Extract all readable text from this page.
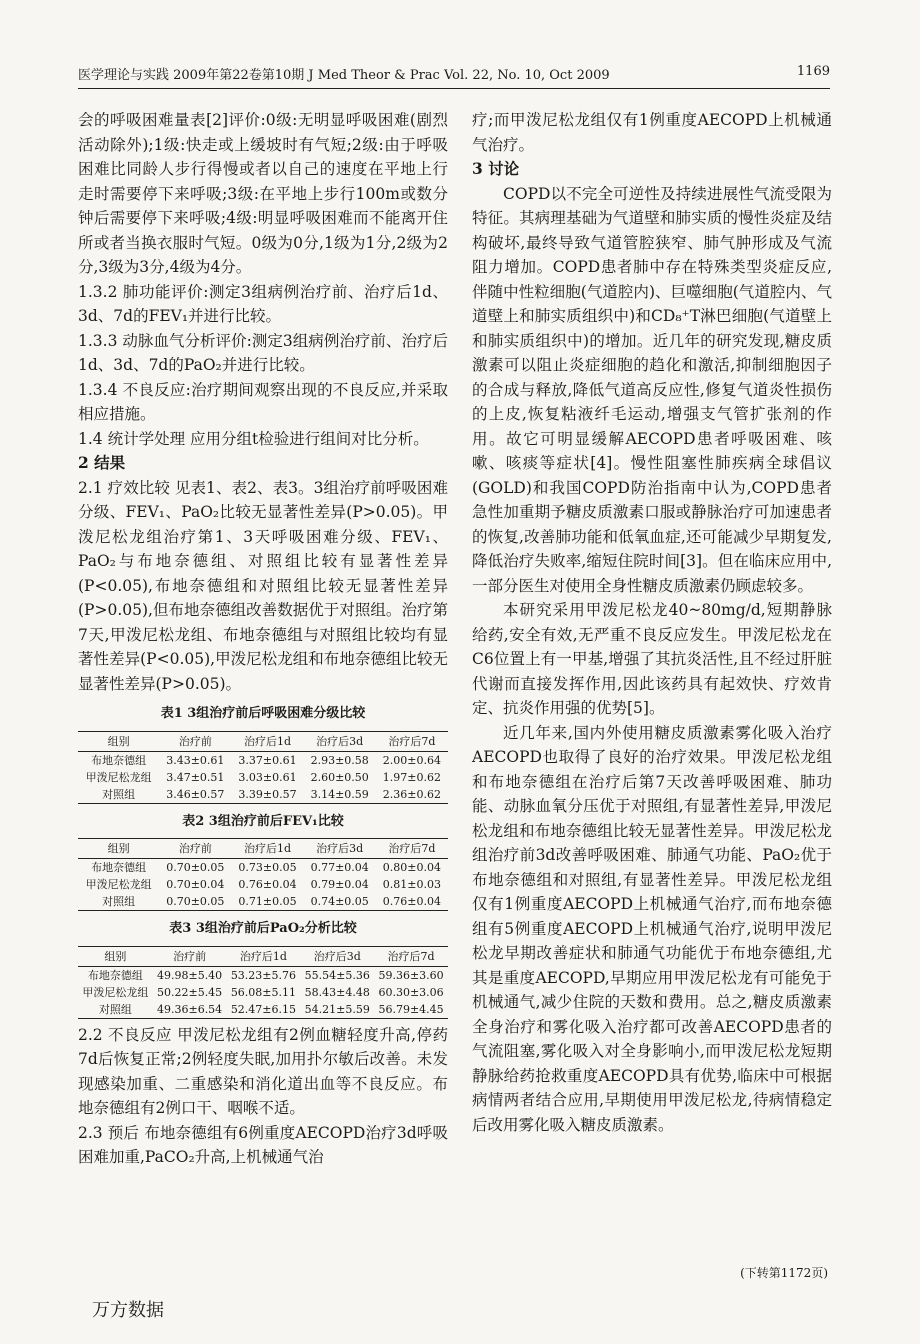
医学理论与实践 2009年第22卷第10期 J Med Theor & Prac Vol. 22, No. 10, Oct 2009	1169

会的呼吸困难量表[2]评价:0级:无明显呼吸困难(剧烈活动除外);1级:快走或上缓坡时有气短;2级:由于呼吸困难比同龄人步行得慢或者以自己的速度在平地上行走时需要停下来呼吸;3级:在平地上步行100m或数分钟后需要停下来呼吸;4级:明显呼吸困难而不能离开住所或者当换衣服时气短。0级为0分,1级为1分,2级为2分,3级为3分,4级为4分。

1.3.2 肺功能评价:测定3组病例治疗前、治疗后1d、3d、7d的FEV₁并进行比较。

1.3.3 动脉血气分析评价:测定3组病例治疗前、治疗后1d、3d、7d的PaO₂并进行比较。

1.3.4 不良反应:治疗期间观察出现的不良反应,并采取相应措施。

1.4 统计学处理 应用分组t检验进行组间对比分析。

2 结果

2.1 疗效比较 见表1、表2、表3。3组治疗前呼吸困难分级、FEV₁、PaO₂比较无显著性差异(P>0.05)。甲泼尼松龙组治疗第1、3天呼吸困难分级、FEV₁、PaO₂与布地奈德组、对照组比较有显著性差异(P<0.05),布地奈德组和对照组比较无显著性差异(P>0.05),但布地奈德组改善数据优于对照组。治疗第7天,甲泼尼松龙组、布地奈德组与对照组比较均有显著性差异(P<0.05),甲泼尼松龙组和布地奈德组比较无显著性差异(P>0.05)。

表1 3组治疗前后呼吸困难分级比较
组别	治疗前	治疗后1d	治疗后3d	治疗后7d
布地奈德组	3.43±0.61	3.37±0.61	2.93±0.58	2.00±0.64
甲泼尼松龙组	3.47±0.51	3.03±0.61	2.60±0.50	1.97±0.62
对照组	3.46±0.57	3.39±0.57	3.14±0.59	2.36±0.62
表2 3组治疗前后FEV₁比较
组别	治疗前	治疗后1d	治疗后3d	治疗后7d
布地奈德组	0.70±0.05	0.73±0.05	0.77±0.04	0.80±0.04
甲泼尼松龙组	0.70±0.04	0.76±0.04	0.79±0.04	0.81±0.03
对照组	0.70±0.05	0.71±0.05	0.74±0.05	0.76±0.04
表3 3组治疗前后PaO₂分析比较
组别	治疗前	治疗后1d	治疗后3d	治疗后7d
布地奈德组	49.98±5.40	53.23±5.76	55.54±5.36	59.36±3.60
甲泼尼松龙组	50.22±5.45	56.08±5.11	58.43±4.48	60.30±3.06
对照组	49.36±6.54	52.47±6.15	54.21±5.59	56.79±4.45

2.2 不良反应 甲泼尼松龙组有2例血糖轻度升高,停药7d后恢复正常;2例轻度失眠,加用扑尔敏后改善。未发现感染加重、二重感染和消化道出血等不良反应。布地奈德组有2例口干、咽喉不适。

2.3 预后 布地奈德组有6例重度AECOPD治疗3d呼吸困难加重,PaCO₂升高,上机械通气治

疗;而甲泼尼松龙组仅有1例重度AECOPD上机械通气治疗。

3 讨论

COPD以不完全可逆性及持续进展性气流受限为特征。其病理基础为气道壁和肺实质的慢性炎症及结构破坏,最终导致气道管腔狭窄、肺气肿形成及气流阻力增加。COPD患者肺中存在特殊类型炎症反应,伴随中性粒细胞(气道腔内)、巨噬细胞(气道腔内、气道壁上和肺实质组织中)和CD₈⁺T淋巴细胞(气道壁上和肺实质组织中)的增加。近几年的研究发现,糖皮质激素可以阻止炎症细胞的趋化和激活,抑制细胞因子的合成与释放,降低气道高反应性,修复气道炎性损伤的上皮,恢复粘液纤毛运动,增强支气管扩张剂的作用。故它可明显缓解AECOPD患者呼吸困难、咳嗽、咳痰等症状[4]。慢性阻塞性肺疾病全球倡议(GOLD)和我国COPD防治指南中认为,COPD患者急性加重期予糖皮质激素口服或静脉治疗可加速患者的恢复,改善肺功能和低氧血症,还可能减少早期复发,降低治疗失败率,缩短住院时间[3]。但在临床应用中,一部分医生对使用全身性糖皮质激素仍顾虑较多。

本研究采用甲泼尼松龙40~80mg/d,短期静脉给药,安全有效,无严重不良反应发生。甲泼尼松龙在C6位置上有一甲基,增强了其抗炎活性,且不经过肝脏代谢而直接发挥作用,因此该药具有起效快、疗效肯定、抗炎作用强的优势[5]。

近几年来,国内外使用糖皮质激素雾化吸入治疗AECOPD也取得了良好的治疗效果。甲泼尼松龙组和布地奈德组在治疗后第7天改善呼吸困难、肺功能、动脉血氧分压优于对照组,有显著性差异,甲泼尼松龙组和布地奈德组比较无显著性差异。甲泼尼松龙组治疗前3d改善呼吸困难、肺通气功能、PaO₂优于布地奈德组和对照组,有显著性差异。甲泼尼松龙组仅有1例重度AECOPD上机械通气治疗,而布地奈德组有5例重度AECOPD上机械通气治疗,说明甲泼尼松龙早期改善症状和肺通气功能优于布地奈德组,尤其是重度AECOPD,早期应用甲泼尼松龙有可能免于机械通气,减少住院的天数和费用。总之,糖皮质激素全身治疗和雾化吸入治疗都可改善AECOPD患者的气流阻塞,雾化吸入对全身影响小,而甲泼尼松龙短期静脉给药抢救重度AECOPD具有优势,临床中可根据病情两者结合应用,早期使用甲泼尼松龙,待病情稳定后改用雾化吸入糖皮质激素。

(下转第1172页)
万方数据
